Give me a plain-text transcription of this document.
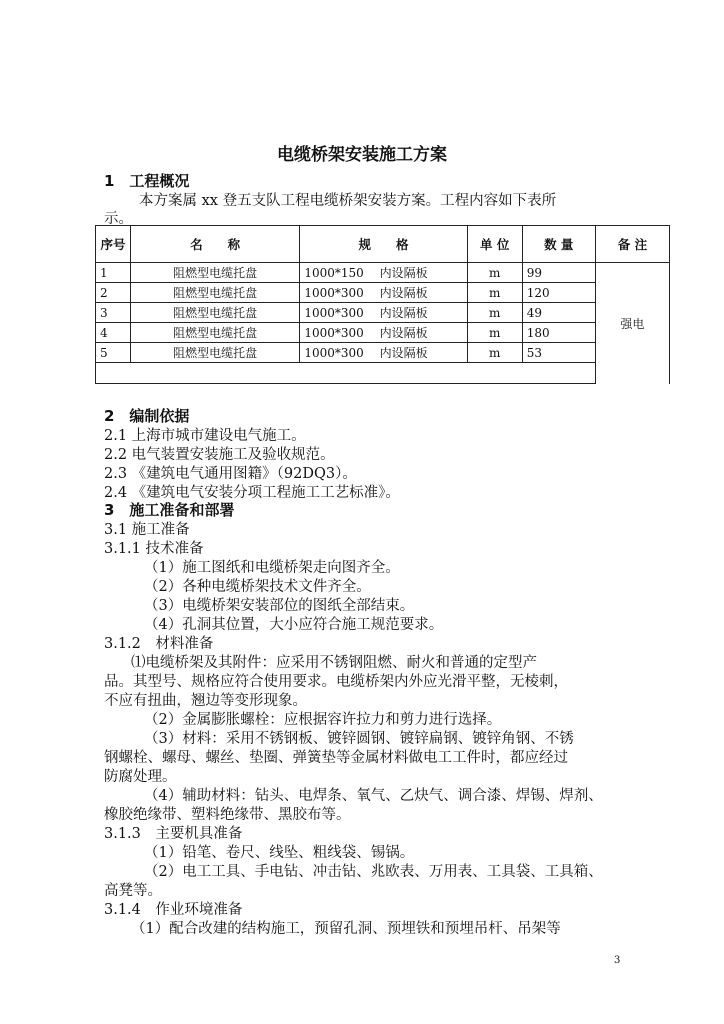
电缆桥架安装施工方案
1　工程概况
本方案属 xx 登五支队工程电缆桥架安装方案。工程内容如下表所
示。
序号	名　　称	规　　格	单 位	数 量	备 注
1	阻燃型电缆托盘	1000*150　 内设隔板	m	99	强电
2	阻燃型电缆托盘	1000*300　 内设隔板	m	120	
3	阻燃型电缆托盘	1000*300　 内设隔板	m	49	
4	阻燃型电缆托盘	1000*300　 内设隔板	m	180	
5	阻燃型电缆托盘	1000*300　 内设隔板	m	53	

2　编制依据
2.1 上海市城市建设电气施工。
2.2 电气装置安装施工及验收规范。
2.3 《建筑电气通用图籍》（92DQ3）。
2.4 《建筑电气安装分项工程施工工艺标准》。
3　施工准备和部署
3.1 施工准备
3.1.1 技术准备
（1）施工图纸和电缆桥架走向图齐全。
（2）各种电缆桥架技术文件齐全。
（3）电缆桥架安装部位的图纸全部结束。
（4）孔洞其位置，大小应符合施工规范要求。
3.1.2　材料准备
⑴电缆桥架及其附件：应采用不锈钢阻燃、耐火和普通的定型产
品。其型号、规格应符合使用要求。电缆桥架内外应光滑平整，无棱刺，
不应有扭曲，翘边等变形现象。
（2）金属膨胀螺栓：应根据容许拉力和剪力进行选择。
（3）材料：采用不锈钢板、镀锌圆钢、镀锌扁钢、镀锌角钢、不锈
钢螺栓、螺母、螺丝、垫圈、弹簧垫等金属材料做电工工件时，都应经过
防腐处理。
（4）辅助材料：钻头、电焊条、氧气、乙炔气、调合漆、焊锡、焊剂、
橡胶绝缘带、塑料绝缘带、黑胶布等。
3.1.3　主要机具准备
（1）铅笔、卷尺、线坠、粗线袋、锡锅。
（2）电工工具、手电钻、冲击钻、兆欧表、万用表、工具袋、工具箱、
高凳等。
3.1.4　作业环境准备
（1）配合改建的结构施工，预留孔洞、预埋铁和预埋吊杆、吊架等
3
